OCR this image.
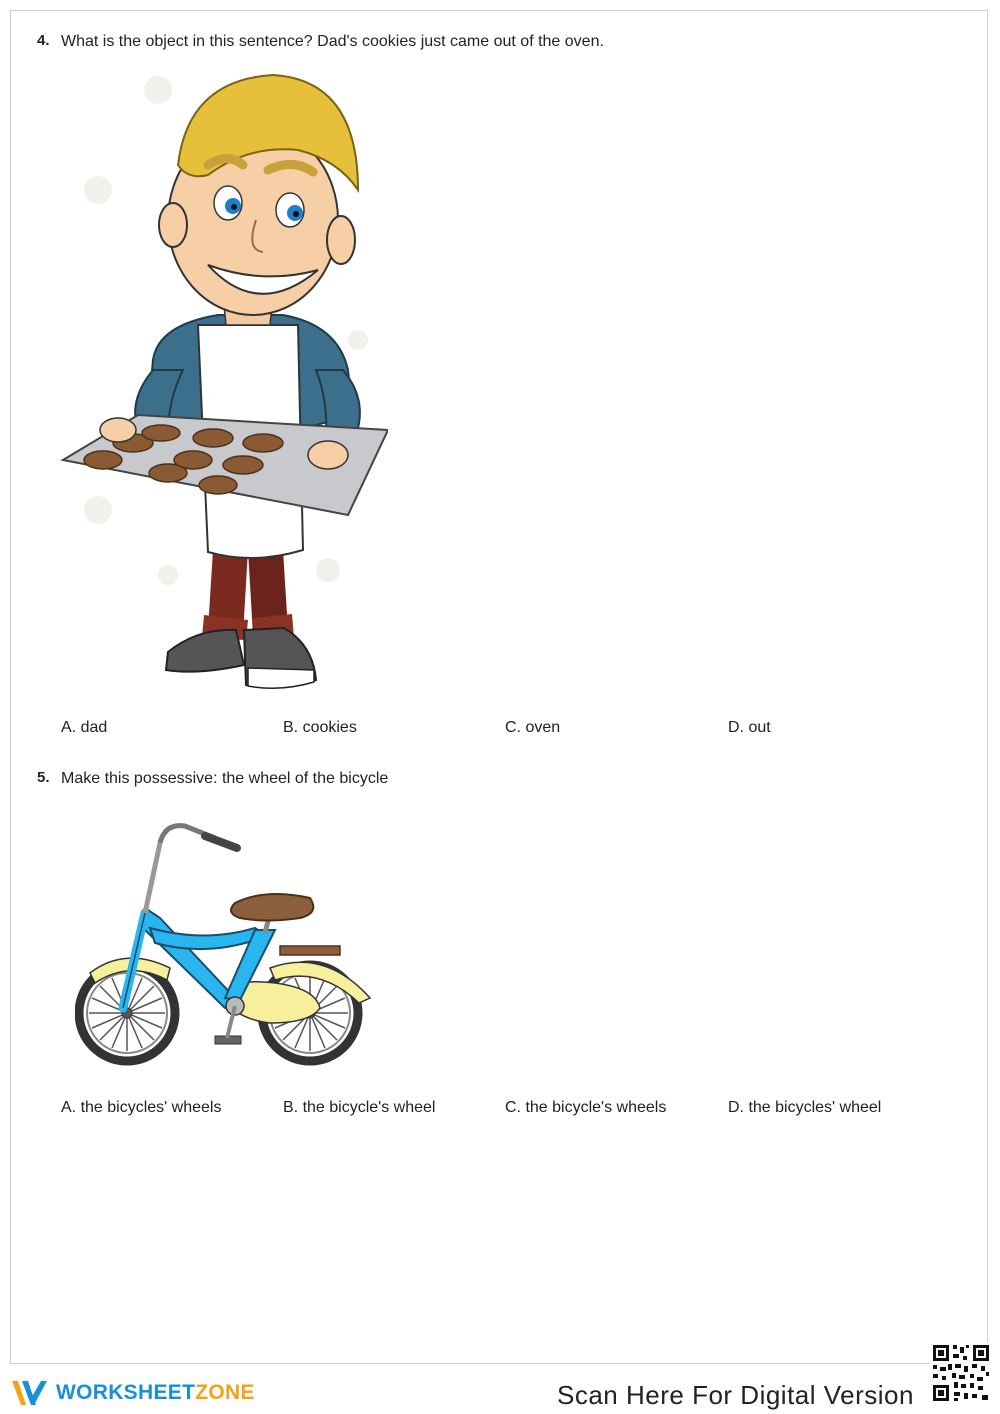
4. What is the object in this sentence? Dad's cookies just came out of the oven.
A. dad	B. cookies	C. oven	D. out
5. Make this possessive: the wheel of the bicycle
A. the bicycles' wheels	B. the bicycle's wheel	C. the bicycle's wheels	D. the bicycles' wheel
WORKSHEETZONE	Scan Here For Digital Version
